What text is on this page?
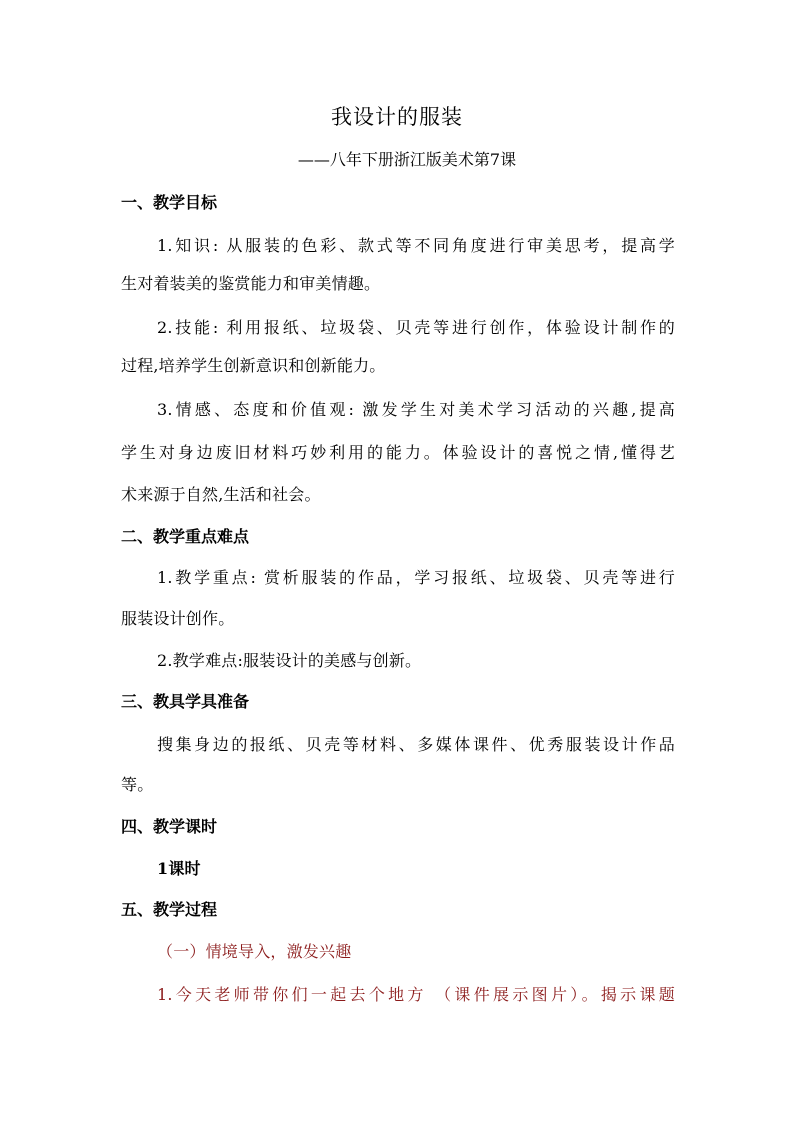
我设计的服装
——八年下册浙江版美术第7课
一、教学目标
1.知识: 从服装的色彩、款式等不同角度进行审美思考，提高学
生对着装美的鉴赏能力和审美情趣。
2.技能: 利用报纸、垃圾袋、贝壳等进行创作，体验设计制作的
过程,培养学生创新意识和创新能力。
3.情感、态度和价值观: 激发学生对美术学习活动的兴趣,提高
学生对身边废旧材料巧妙利用的能力。体验设计的喜悦之情,懂得艺
术来源于自然,生活和社会。
二、教学重点难点
1.教学重点: 赏析服装的作品，学习报纸、垃圾袋、贝壳等进行
服装设计创作。
2.教学难点:服装设计的美感与创新。
三、教具学具准备
搜集身边的报纸、贝壳等材料、多媒体课件、优秀服装设计作品
等。
四、教学课时
1课时
五、教学过程
（一）情境导入，激发兴趣
1.今天老师带你们一起去个地方 （课件展示图片）。揭示课题
